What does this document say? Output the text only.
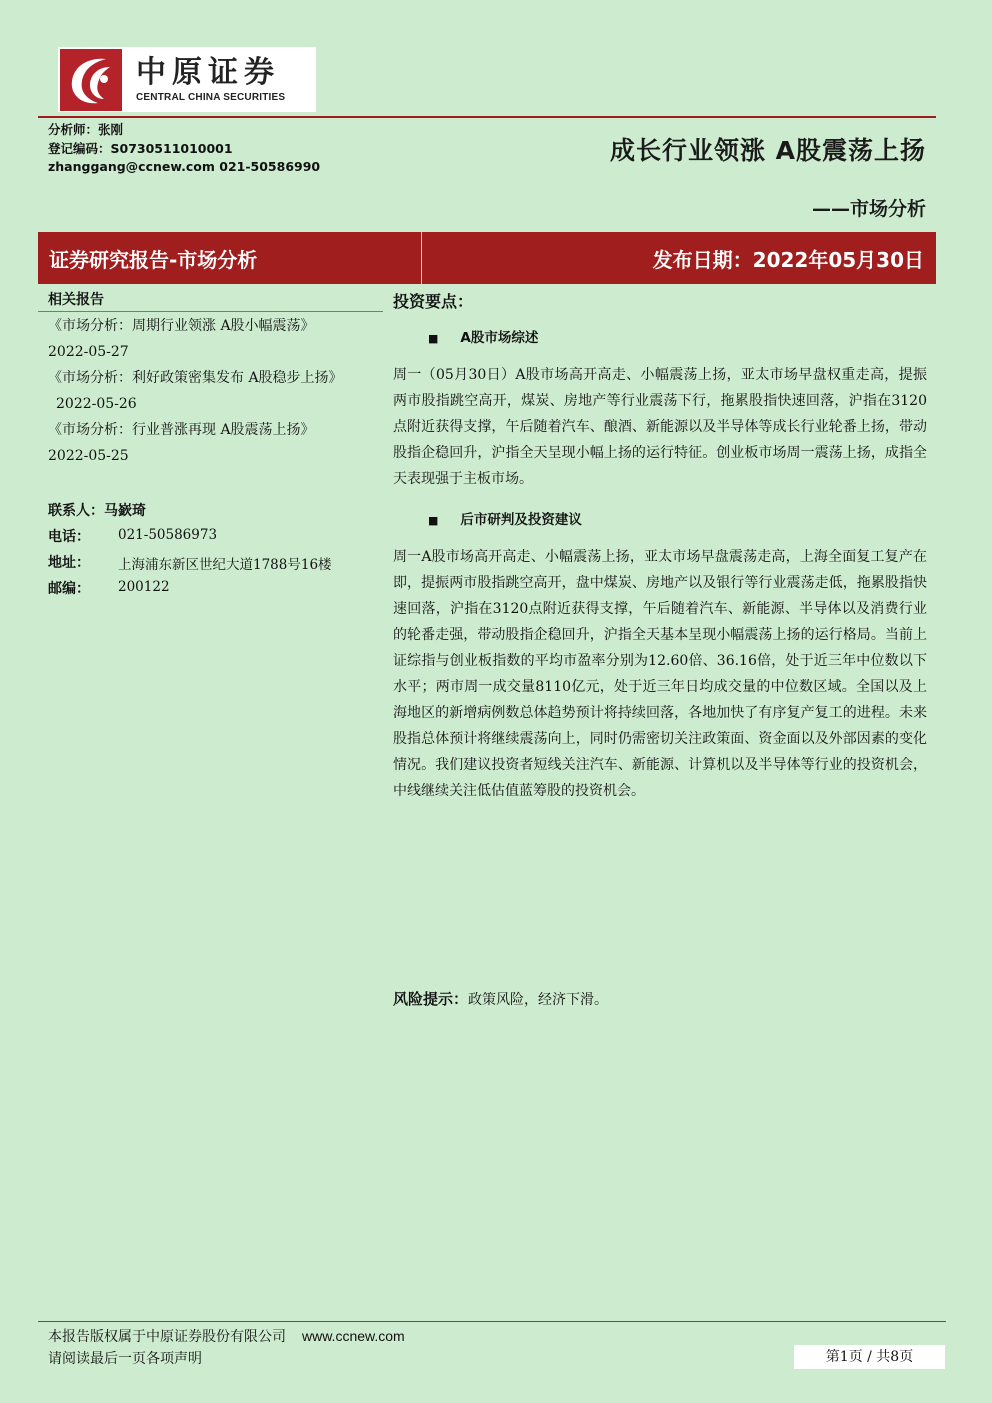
中原证券
CENTRAL CHINA SECURITIES
分析师：张刚
登记编码：S0730511010001
zhanggang@ccnew.com 021-50586990
成长行业领涨 A股震荡上扬
——市场分析
证券研究报告-市场分析	发布日期：2022年05月30日
相关报告
《市场分析：周期行业领涨 A股小幅震荡》
2022-05-27
《市场分析：利好政策密集发布 A股稳步上扬》 2022-05-26
《市场分析：行业普涨再现 A股震荡上扬》
2022-05-25
联系人：马嶔琦
电话： 021-50586973
地址： 上海浦东新区世纪大道1788号16楼
邮编： 200122
投资要点：
■ A股市场综述
周一（05月30日）A股市场高开高走、小幅震荡上扬，亚太市场早盘权重走高，提振两市股指跳空高开，煤炭、房地产等行业震荡下行，拖累股指快速回落，沪指在3120点附近获得支撑，午后随着汽车、酿酒、新能源以及半导体等成长行业轮番上扬，带动股指企稳回升，沪指全天呈现小幅上扬的运行特征。创业板市场周一震荡上扬，成指全天表现强于主板市场。
■ 后市研判及投资建议
周一A股市场高开高走、小幅震荡上扬，亚太市场早盘震荡走高，上海全面复工复产在即，提振两市股指跳空高开，盘中煤炭、房地产以及银行等行业震荡走低，拖累股指快速回落，沪指在3120点附近获得支撑，午后随着汽车、新能源、半导体以及消费行业的轮番走强，带动股指企稳回升，沪指全天基本呈现小幅震荡上扬的运行格局。当前上证综指与创业板指数的平均市盈率分别为12.60倍、36.16倍，处于近三年中位数以下水平；两市周一成交量8110亿元，处于近三年日均成交量的中位数区域。全国以及上海地区的新增病例数总体趋势预计将持续回落，各地加快了有序复产复工的进程。未来股指总体预计将继续震荡向上，同时仍需密切关注政策面、资金面以及外部因素的变化情况。我们建议投资者短线关注汽车、新能源、计算机以及半导体等行业的投资机会，中线继续关注低估值蓝筹股的投资机会。
风险提示：政策风险，经济下滑。
本报告版权属于中原证券股份有限公司 www.ccnew.com
请阅读最后一页各项声明	第1页 / 共8页
